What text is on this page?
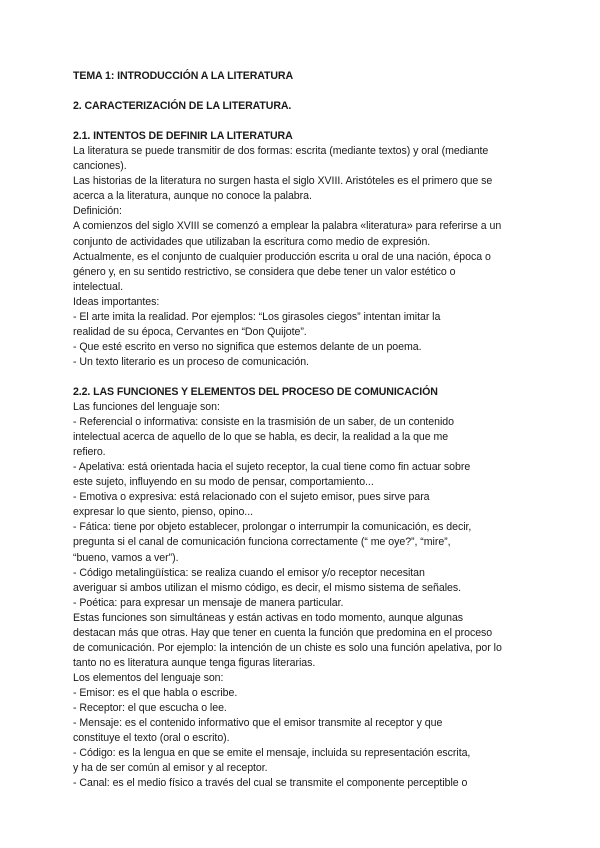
TEMA 1: INTRODUCCIÓN A LA LITERATURA
2. CARACTERIZACIÓN DE LA LITERATURA.
2.1. INTENTOS DE DEFINIR LA LITERATURA
La literatura se puede transmitir de dos formas: escrita (mediante textos) y oral (mediante
canciones).
Las historias de la literatura no surgen hasta el siglo XVIII. Aristóteles es el primero que se
acerca a la literatura, aunque no conoce la palabra.
Definición:
A comienzos del siglo XVIII se comenzó a emplear la palabra «literatura» para referirse a un
conjunto de actividades que utilizaban la escritura como medio de expresión.
Actualmente, es el conjunto de cualquier producción escrita u oral de una nación, época o
género y, en su sentido restrictivo, se considera que debe tener un valor estético o
intelectual.
Ideas importantes:
- El arte imita la realidad. Por ejemplos: “Los girasoles ciegos” intentan imitar la
realidad de su época, Cervantes en “Don Quijote”.
- Que esté escrito en verso no significa que estemos delante de un poema.
- Un texto literario es un proceso de comunicación.
2.2. LAS FUNCIONES Y ELEMENTOS DEL PROCESO DE COMUNICACIÓN
Las funciones del lenguaje son:
- Referencial o informativa: consiste en la trasmisión de un saber, de un contenido
intelectual acerca de aquello de lo que se habla, es decir, la realidad a la que me
refiero.
- Apelativa: está orientada hacia el sujeto receptor, la cual tiene como fin actuar sobre
este sujeto, influyendo en su modo de pensar, comportamiento...
- Emotiva o expresiva: está relacionado con el sujeto emisor, pues sirve para
expresar lo que siento, pienso, opino...
- Fática: tiene por objeto establecer, prolongar o interrumpir la comunicación, es decir,
pregunta si el canal de comunicación funciona correctamente (“ me oye?”, “mire”,
“bueno, vamos a ver”).
- Código metalingüística: se realiza cuando el emisor y/o receptor necesitan
averiguar si ambos utilizan el mismo código, es decir, el mismo sistema de señales.
- Poética: para expresar un mensaje de manera particular.
Estas funciones son simultáneas y están activas en todo momento, aunque algunas
destacan más que otras. Hay que tener en cuenta la función que predomina en el proceso
de comunicación. Por ejemplo: la intención de un chiste es solo una función apelativa, por lo
tanto no es literatura aunque tenga figuras literarias.
Los elementos del lenguaje son:
- Emisor: es el que habla o escribe.
- Receptor: el que escucha o lee.
- Mensaje: es el contenido informativo que el emisor transmite al receptor y que
constituye el texto (oral o escrito).
- Código: es la lengua en que se emite el mensaje, incluida su representación escrita,
y ha de ser común al emisor y al receptor.
- Canal: es el medio físico a través del cual se transmite el componente perceptible o
